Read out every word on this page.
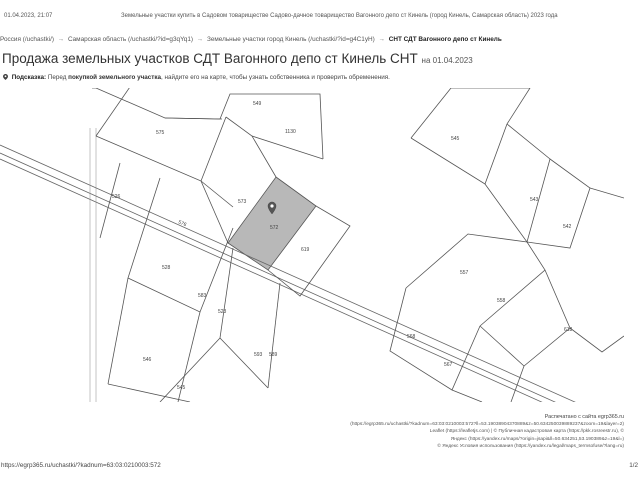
01.04.2023, 21:07	Земельные участки купить в Садовом товариществе Садово-дачное товарищество Вагонного депо ст Кинель (город Кинель, Самарская область) 2023 года
Россия (/uchastki/) → Самарская область (/uchastki/?id=g3qYq1) → Земельные участки город Кинель (/uchastki/?id=g4C1yH) → СНТ СДТ Вагонного депо ст Кинель
Продажа земельных участков СДТ Вагонного депо ст Кинель СНТ на 01.04.2023
Подсказка: Перед покупкой земельного участка, найдите его на карте, чтобы узнать собственника и проверить обременения.
549
1130
575
545
526
573
572
619
543
542
528
557
583
523
558
618
568
546
593 589
567
545
576
Распечатано с сайта egrp365.ru
(https://egrp365.ru/uchastki/?kadnum=63:03:0210003:572?ll=53.19038904370889&z=50.634250039889237&zoom=19&layer=2)
Leaflet (https://leafletjs.com) | © Публичная кадастровая карта (https://pkk.rosreestr.ru), ©
Яндекс (https://yandex.ru/maps/?origin=jsapi&ll=50.634251,53.190389&z=19&l=)
© Яндекс Условия использования (https://yandex.ru/legal/maps_termsofuse/?lang=ru)
https://egrp365.ru/uchastki/?kadnum=63:03:0210003:572	1/2
